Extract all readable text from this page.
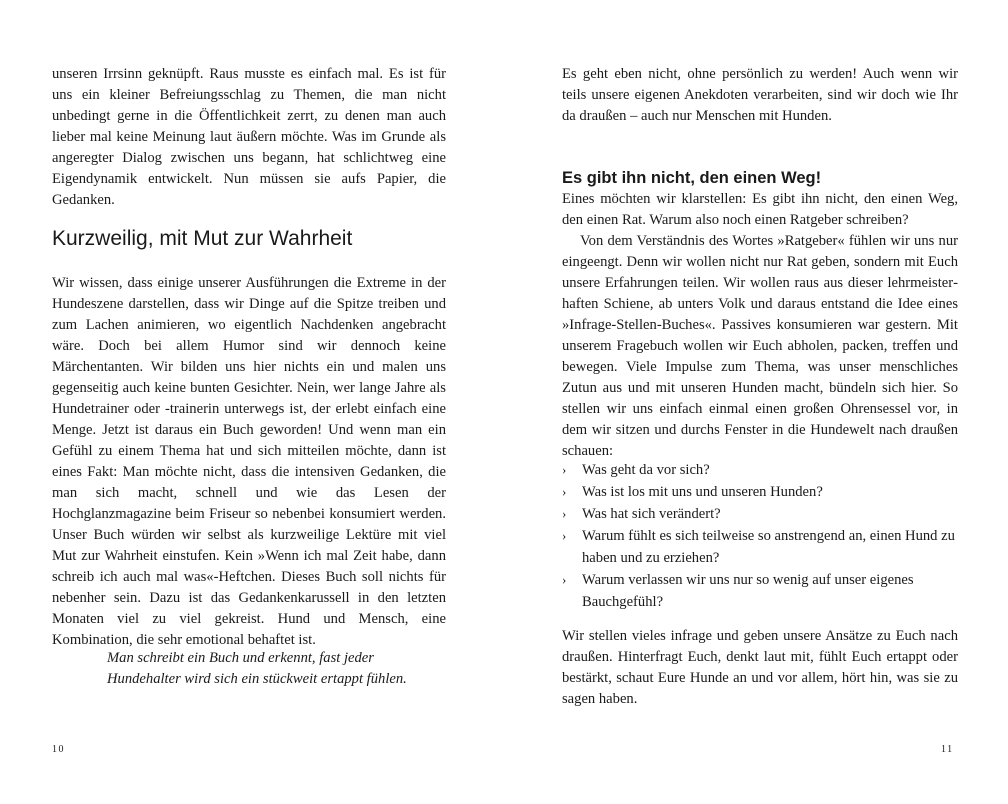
unseren Irrsinn geknüpft. Raus musste es einfach mal. Es ist für uns ein kleiner Befreiungsschlag zu Themen, die man nicht unbedingt gerne in die Öffentlichkeit zerrt, zu denen man auch lieber mal keine Meinung laut äußern möchte. Was im Grunde als angeregter Dialog zwischen uns begann, hat schlichtweg eine Eigendynamik entwickelt. Nun müssen sie aufs Papier, die Gedanken.

Kurzweilig, mit Mut zur Wahrheit

Wir wissen, dass einige unserer Ausführungen die Extreme in der Hundeszene darstellen, dass wir Dinge auf die Spitze treiben und zum Lachen animieren, wo eigentlich Nachdenken angebracht wäre. Doch bei allem Humor sind wir dennoch keine Märchentanten. Wir bilden uns hier nichts ein und malen uns gegenseitig auch keine bunten Gesichter. Nein, wer lange Jahre als Hundetrainer oder -trainerin unterwegs ist, der erlebt einfach eine Menge. Jetzt ist daraus ein Buch geworden! Und wenn man ein Gefühl zu einem Thema hat und sich mitteilen möchte, dann ist eines Fakt: Man möchte nicht, dass die intensiven Gedanken, die man sich macht, schnell und wie das Lesen der Hochglanzmagazine beim Friseur so nebenbei konsumiert werden. Unser Buch würden wir selbst als kurzweilige Lektüre mit viel Mut zur Wahrheit einstufen. Kein »Wenn ich mal Zeit habe, dann schreib ich auch mal was«-Heftchen. Dieses Buch soll nichts für nebenher sein. Dazu ist das Gedankenkarussell in den letzten Monaten viel zu viel gekreist. Hund und Mensch, eine Kombination, die sehr emotional behaftet ist.

Man schreibt ein Buch und erkennt, fast jeder Hundehalter wird sich ein stückweit ertappt fühlen.

10

Es geht eben nicht, ohne persönlich zu werden! Auch wenn wir teils unsere eigenen Anekdoten verarbeiten, sind wir doch wie Ihr da draußen – auch nur Menschen mit Hunden.

Es gibt ihn nicht, den einen Weg!

Eines möchten wir klarstellen: Es gibt ihn nicht, den einen Weg, den einen Rat. Warum also noch einen Ratgeber schreiben?

Von dem Verständnis des Wortes »Ratgeber« fühlen wir uns nur eingeengt. Denn wir wollen nicht nur Rat geben, sondern mit Euch unsere Erfahrungen teilen. Wir wollen raus aus dieser lehrmeisterhaften Schiene, ab unters Volk und daraus entstand die Idee eines »Infrage-Stellen-Buches«. Passives konsumieren war gestern. Mit unserem Fragebuch wollen wir Euch abholen, packen, treffen und bewegen. Viele Impulse zum Thema, was unser menschliches Zutun aus und mit unseren Hunden macht, bündeln sich hier. So stellen wir uns einfach einmal einen großen Ohrensessel vor, in dem wir sitzen und durchs Fenster in die Hundewelt nach draußen schauen:

› Was geht da vor sich?
› Was ist los mit uns und unseren Hunden?
› Was hat sich verändert?
› Warum fühlt es sich teilweise so anstrengend an, einen Hund zu haben und zu erziehen?
› Warum verlassen wir uns nur so wenig auf unser eigenes Bauchgefühl?

Wir stellen vieles infrage und geben unsere Ansätze zu Euch nach draußen. Hinterfragt Euch, denkt laut mit, fühlt Euch ertappt oder bestärkt, schaut Eure Hunde an und vor allem, hört hin, was sie zu sagen haben.

11
